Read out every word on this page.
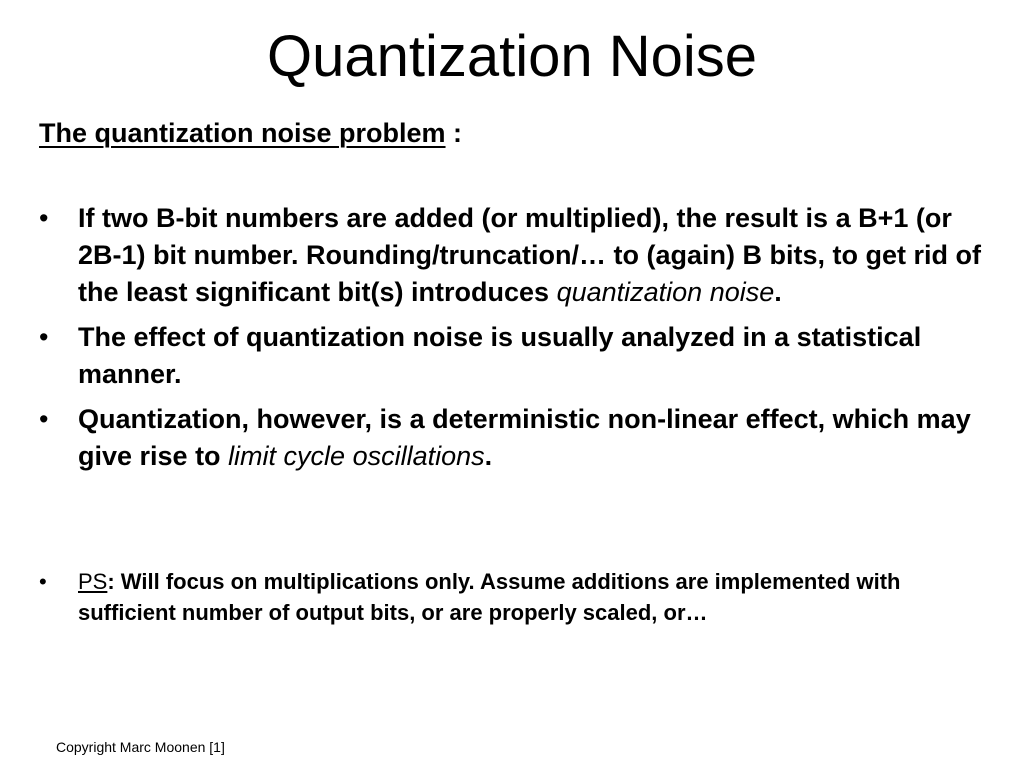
Quantization Noise
The quantization noise problem :
• If two B-bit numbers are added (or multiplied), the result is a B+1 (or 2B-1) bit number. Rounding/truncation/… to (again) B bits, to get rid of the least significant bit(s) introduces quantization noise.
• The effect of quantization noise is usually analyzed in a statistical manner.
• Quantization, however, is a deterministic non-linear effect, which may give rise to limit cycle oscillations.
• PS: Will focus on multiplications only. Assume additions are implemented with sufficient number of output bits, or are properly scaled, or…
Copyright Marc Moonen [1]
